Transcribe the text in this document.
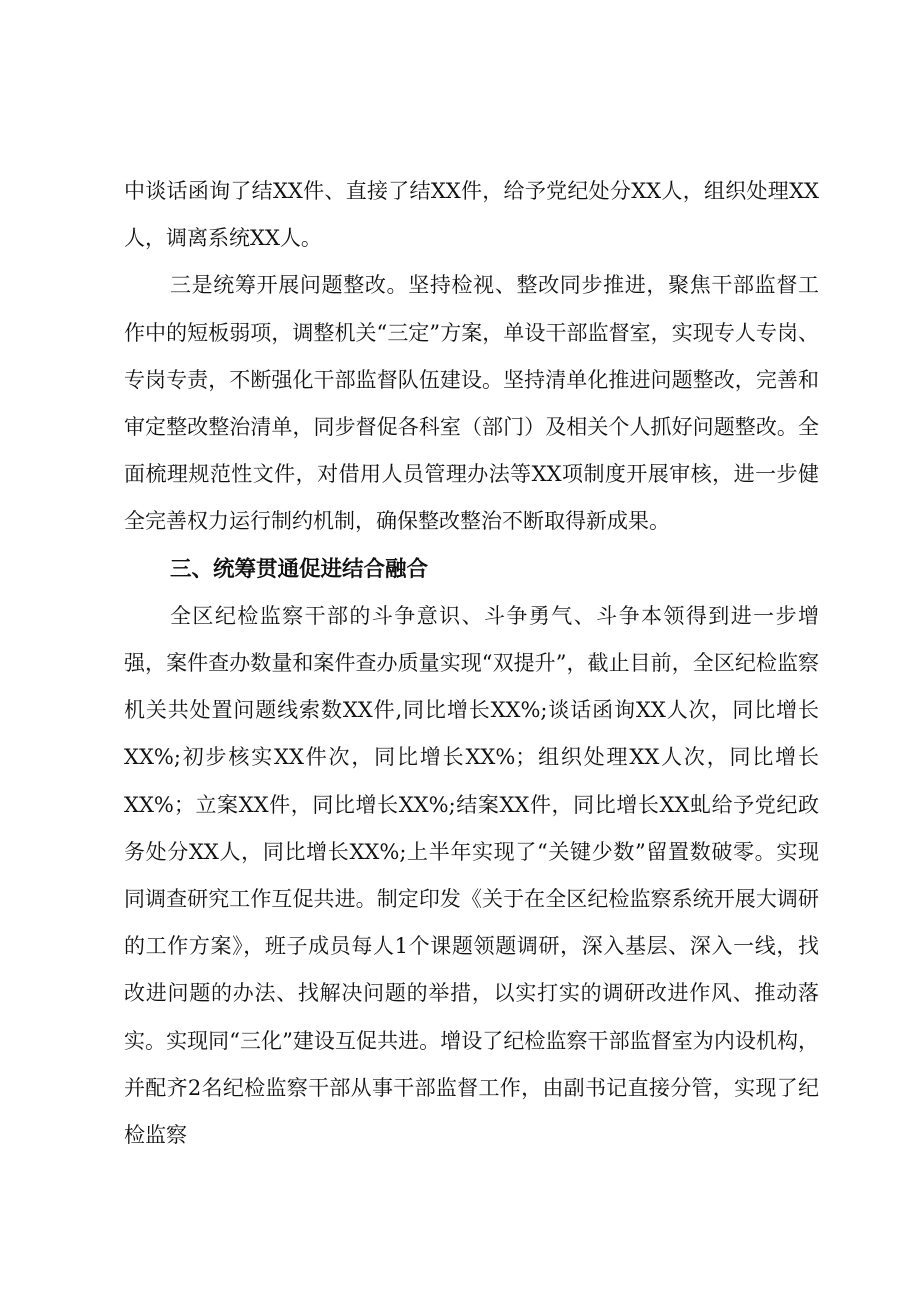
中谈话函询了结XX件、直接了结XX件，给予党纪处分XX人，组织处理XX人，调离系统XX人。

三是统筹开展问题整改。坚持检视、整改同步推进，聚焦干部监督工作中的短板弱项，调整机关“三定”方案，单设干部监督室，实现专人专岗、专岗专责，不断强化干部监督队伍建设。坚持清单化推进问题整改，完善和审定整改整治清单，同步督促各科室（部门）及相关个人抓好问题整改。全面梳理规范性文件，对借用人员管理办法等XX项制度开展审核，进一步健全完善权力运行制约机制，确保整改整治不断取得新成果。

三、统筹贯通促进结合融合

全区纪检监察干部的斗争意识、斗争勇气、斗争本领得到进一步增强，案件查办数量和案件查办质量实现“双提升”，截止目前，全区纪检监察机关共处置问题线索数XX件,同比增长XX%;谈话函询XX人次，同比增长XX%;初步核实XX件次，同比增长XX%；组织处理XX人次，同比增长XX%；立案XX件，同比增长XX%;结案XX件，同比增长XX虬给予党纪政务处分XX人，同比增长XX%;上半年实现了“关键少数”留置数破零。实现同调查研究工作互促共进。制定印发《关于在全区纪检监察系统开展大调研的工作方案》，班子成员每人1个课题领题调研，深入基层、深入一线，找改进问题的办法、找解决问题的举措，以实打实的调研改进作风、推动落实。实现同“三化”建设互促共进。增设了纪检监察干部监督室为内设机构，并配齐2名纪检监察干部从事干部监督工作，由副书记直接分管，实现了纪检监察
